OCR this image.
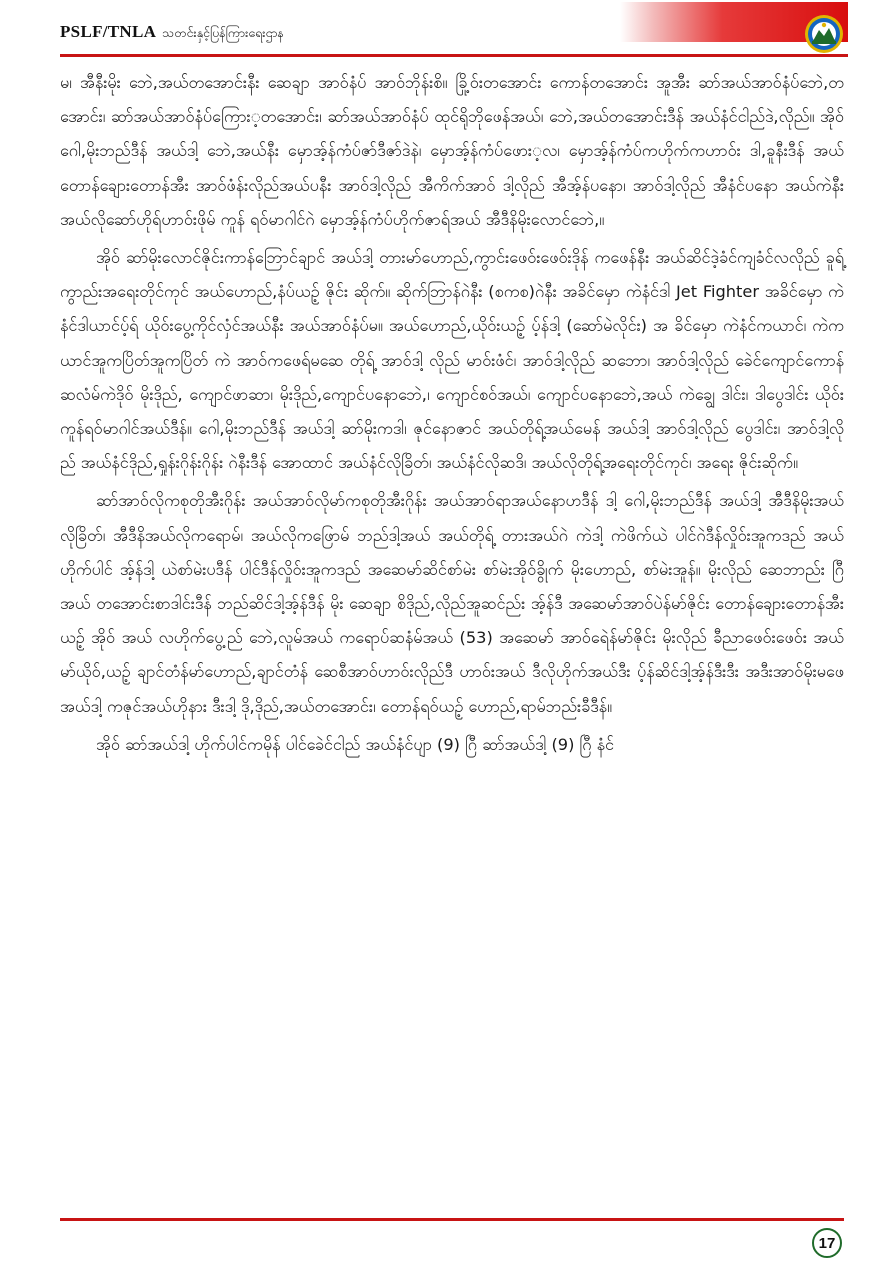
PSLF/TNLA သတင်းနှင့်ပြန်ကြားရေးဌာန

မ၊ အီနီးမိုး ဘေဲ,အယ်တအောင်းနီး ဆေချာ အာဝ်နံပ် အာဝ်ဘိုန်းစိ။ ခြို့ဝ်းတအောင်း ကောန်တအောင်း အူအီး ဆာ်အယ်အာဝ်နံပ်ဘေဲ,တအောင်း၊ ဆာ်အယ်အာဝ်နံပ်ကြေား့တအောင်း၊ ဆာ်အယ်အာဝ်နံပ် ထုင်ရိုဘိုဖေန်အယ်၊ ဘေဲ,အယ်တအောင်းဒီန် အယ်နံင်ငါည်ဒဲ,လိုည်။ အိုဝ် ဂေါ,မိုးဘည်ဒီန် အယ်ဒါ့ ဘေဲ,အယ်နီး မှောအ့်န်ကံပ်ဇာ်ဒီဇာ်ဒဲနဲ၊ မှောအ့်န်ကံပ်ဖေား့လ၊ မှောအ့်န်ကံပ်ကဟိုက်ကဟာဝ်း ဒါ,ခူနီးဒီန် အယ်တောန်ချေားတောန်အီး အာဝ်ဖံန်းလိုည်အယ်ပနီး အာဝ်ဒါ့လိုည် အီကိက်အာဝ် ဒါ့လိုည် အီအ့်န်ပနော၊ အာဝ်ဒါ့လိုည် အီနံင်ပနော အယ်ကဲနီး အယ်လိုဆော်ဟိုရ်ဟာဝ်းဖိုမ် ကူန် ရဝ်မာဂါင်ဂဲ မှောအ့်န်ကံပ်ဟိုက်ဇာရ်အယ် အီဒီနိမိုးလောင်ဘေဲ,။

အိုဝ် ဆာ်မိုးလောင်ဇိုင်းကာန်ဘြောင်ချာင် အယ်ဒါ့ တားမာ်ဟောည်,ကွာင်းဖေဝ်းဖေဝ်းဒိုန် ကဖေန်နီး အယ်ဆိင်ဒဲ့ခံင်ကျခံင်လလိုည် ခူရ့်ကွာည်းအရေးတိုင်ကုင် အယ်ဟောည်,နံပ်ယဉ့် ဇိုင်း ဆိုက်။ ဆိုက်ဘြာန်ဂဲနီး (စကစ)ဂဲနီး အခိင်မှော ကဲနံင်ဒါ Jet Fighter အခိင်မှော ကဲနံင်ဒါယာင်ပ့်ရ် ယိုဝ်းပွေ့ကိုင်လှံင်အယ်နီး အယ်အာဝ်နံပ်မ။ အယ်ဟောည်,ယိုဝ်းယဉ့် ပ့်န်ဒါ့ (ဆော်မဲလိုင်း) အ ခိင်မှော ကဲနံင်ကယာင်၊ ကဲကယာင်အူကပြိတ်အူကပြိတ် ကဲ အာဝ်ကဖေရ်မဆေ တိုရ့် အာဝ်ဒါ့ လိုည် မာဝ်းဖံင်၊ အာဝ်ဒါ့လိုည် ဆဘော၊ အာဝ်ဒါ့လိုည် ခေဲင်ကျောင်ကောန်ဆလံမ်ကဲဒိုဝ် မိုးဒိုည်, ကျောင်ဖာဆာ၊ မိုးဒိုည်,ကျောင်ပနောဘေဲ,၊ ကျောင်စဝ်အယ်၊ ကျောင်ပနောဘေဲ,အယ် ကဲချွေ ဒါင်း၊ ဒါပွေဒါင်း ယိုဝ်းကူန်ရဝ်မာဂါင်အယ်ဒီန်။ ဂေါ,မိုးဘည်ဒီန် အယ်ဒါ့ ဆာ်မိုးကဒါ၊ ဇုင်နောဇာင် အယ်တိုရ့်အယ်မေန် အယ်ဒါ့ အာဝ်ဒါ့လိုည် ပွေဒါင်း၊ အာဝ်ဒါ့လိုည် အယ်နံင်ဒိုည်,ရှုန်းဂိုန်းဂိုန်း ဂဲနီးဒီန် အောထာင် အယ်နံင်လိုခြိတ်၊ အယ်နံင်လိုဆဒိ၊ အယ်လိုတိုရ့်အရေးတိုင်ကုင်၊ အရေး ဇိုင်းဆိုက်။

ဆာ်အာဝ်လိုကစုတိုအီးဂိုန်း အယ်အာဝ်လိုမာ်ကစုတိုအီးဂိုန်း အယ်အာဝ်ရာအယ်နောဟဒီန် ဒါ့ ဂေါ,မိုးဘည်ဒီန် အယ်ဒါ့ အီဒီနိမိုးအယ်လိုခြိတ်၊ အီဒီနိအယ်လိုကရောမ်၊ အယ်လိုကဖြောမ် ဘည်ဒါ့အယ် အယ်တိုရ့် တားအယ်ဂဲ ကဲဒါ့ ကဲဖိက်ယဲ ပါင်ဂဲဒီန်လှိုဝ်းအူကဒည် အယ်ဟိုက်ပါင် အ့်န်ဒါ့ ယဲစာ်မဲးပဒီန် ပါင်ဒီန်လှိုဝ်းအူကဒည် အဆေမာ်ဆိင်စာ်မဲး စာ်မဲးအိုဝ်ခွိုက် မိုးဟောည်, စာ်မဲးအူန်။ မိုးလိုည် ဆေဘာည်း ဂြီအယ် တအောင်းစာဒါင်းဒီန် ဘည်ဆိင်ဒါ့အ့်န်ဒီန် မိုး ဆေချာ စိဒိုည်,လိုည်အူဆင်ည်း အ့်န်ဒီ အဆေမာ်အာဝ်ပဲန်မာ်ဇိုင်း တောန်ချေားတောန်အီးယဉ့် အိုဝ် အယ် လဟိုက်ပွေ့ည် ဘေဲ,လူမ်အယ် ကရောပ်ဆနံမ်အယ် (53) အဆေမာ် အာဝ်ရေဲန်မာ်ဇိုင်း မိုးလိုည် ခီညာဖေဝ်းဖေဝ်း အယ်မာ်ယိုဝ်,ယဉ့် ချာင်တံန်မာ်ဟောည်,ချာင်တံန် ဆေစီအာဝ်ဟာဝ်းလိုည်ဒီ ဟာဝ်းအယ် ဒီလိုဟိုက်အယ်ဒီး ပ့်န်ဆိင်ဒါ့အ့်န်ဒီးဒီး အဒီးအာဝ်မိုးမဖေအယ်ဒါ့ ကဇုင်အယ်ဟိုနား ဒီးဒါ့ ဒို,ဒိုည်,အယ်တအောင်း၊ တောန်ရဝ်ယဉ့် ဟောည်,ရာမ်ဘည်းခီဒီန်။

အိုဝ် ဆာ်အယ်ဒါ့ ဟိုက်ပါင်ကမိုန် ပါင်ခေဲင်ငါည် အယ်နံင်ပျာ (9) ဂြီ ဆာ်အယ်ဒါ့ (9) ဂြီ နံင်

17
